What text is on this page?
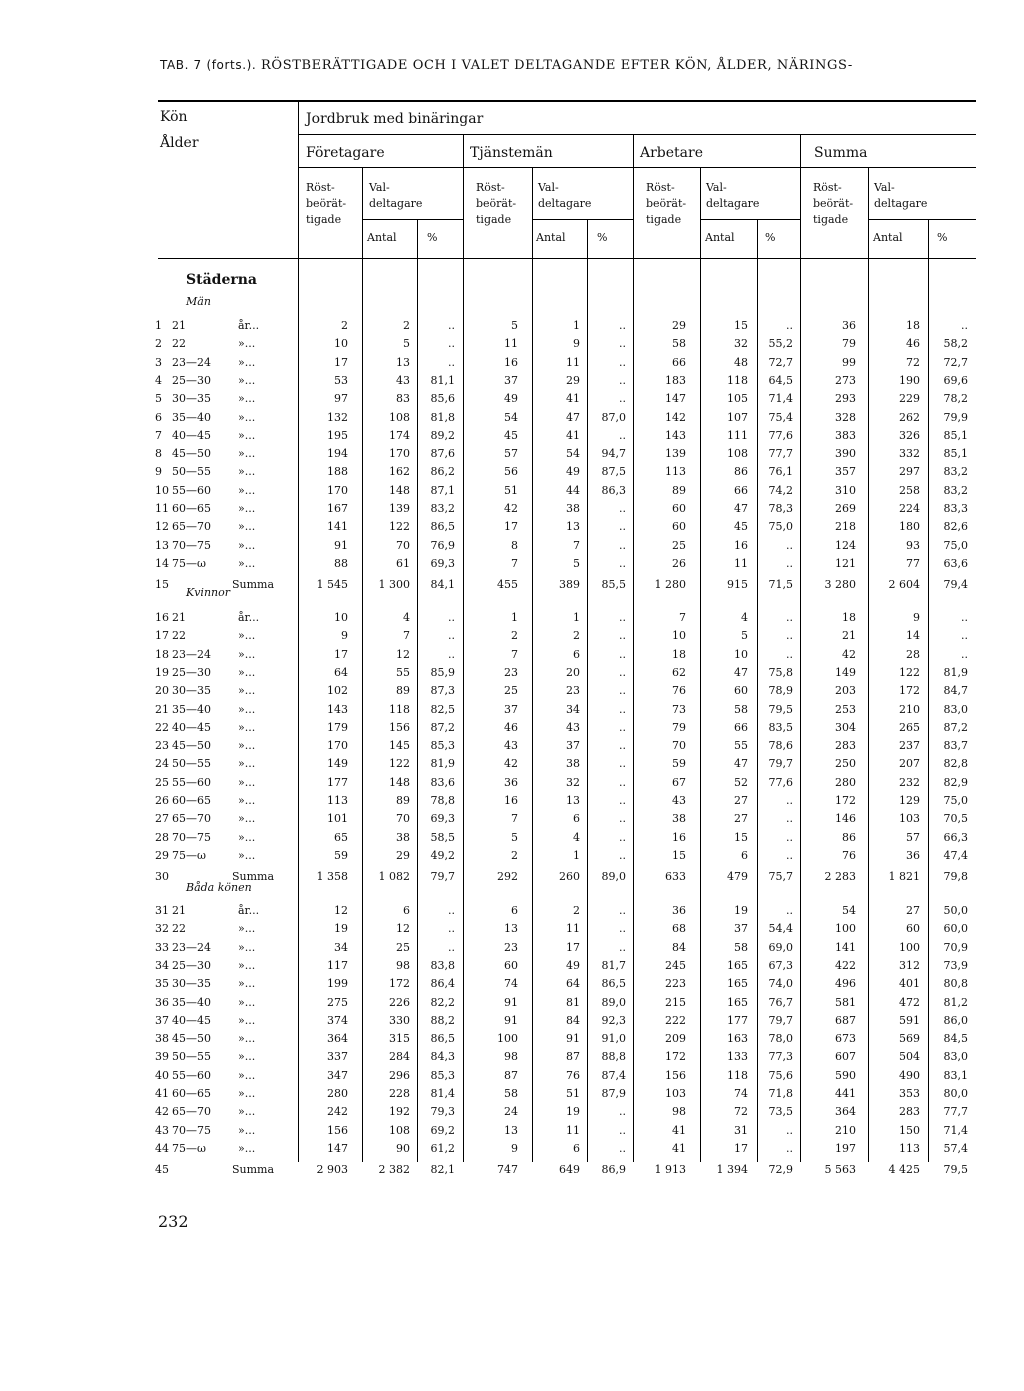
TAB. 7 (forts.). RÖSTBERÄTTIGADE OCH I VALET DELTAGANDE EFTER KÖN, ÅLDER, NÄRINGS-
Kön
Ålder
Jordbruk med binäringar
Företagare	Tjänstemän	Arbetare	Summa
Röst-
beörät-
tigade
Val-
deltagare
Antal	%
Röst-
beörät-
tigade
Val-
deltagare
Antal	%
Röst-
beörät-
tigade
Val-
deltagare
Antal	%
Röst-
beörät-
tigade
Val-
deltagare
Antal	%
Städerna
Män
1 21	år...	2	2	..	5	1	..	29	15	..	36	18	..
2 22	»...	10	5	..	11	9	..	58	32	55,2	79	46	58,2
3 23—24 »...	17	13	..	16	11	..	66	48	72,7	99	72	72,7
4 25—30 »...	53	43	81,1	37	29	..	183	118	64,5	273	190	69,6
5 30—35 »...	97	83	85,6	49	41	..	147	105	71,4	293	229	78,2
6 35—40 »...	132	108	81,8	54	47	87,0	142	107	75,4	328	262	79,9
7 40—45 »...	195	174	89,2	45	41	..	143	111	77,6	383	326	85,1
8 45—50 »...	194	170	87,6	57	54	94,7	139	108	77,7	390	332	85,1
9 50—55 »...	188	162	86,2	56	49	87,5	113	86	76,1	357	297	83,2
10 55—60 »...	170	148	87,1	51	44	86,3	89	66	74,2	310	258	83,2
11 60—65 »...	167	139	83,2	42	38	..	60	47	78,3	269	224	83,3
12 65—70 »...	141	122	86,5	17	13	..	60	45	75,0	218	180	82,6
13 70—75 »...	91	70	76,9	8	7	..	25	16	..	124	93	75,0
14 75—ω	»...	88	61	69,3	7	5	..	26	11	..	121	77	63,6
15	Summa	1 545	1 300	84,1	455	389	85,5	1 280	915	71,5	3 280	2 604	79,4
Kvinnor
16 21	år...	10	4	..	1	1	..	7	4	..	18	9	..
17 22	»...	9	7	..	2	2	..	10	5	..	21	14	..
18 23—24 »...	17	12	..	7	6	..	18	10	..	42	28	..
19 25—30 »...	64	55	85,9	23	20	..	62	47	75,8	149	122	81,9
20 30—35 »...	102	89	87,3	25	23	..	76	60	78,9	203	172	84,7
21 35—40 »...	143	118	82,5	37	34	..	73	58	79,5	253	210	83,0
22 40—45 »...	179	156	87,2	46	43	..	79	66	83,5	304	265	87,2
23 45—50 »...	170	145	85,3	43	37	..	70	55	78,6	283	237	83,7
24 50—55 »...	149	122	81,9	42	38	..	59	47	79,7	250	207	82,8
25 55—60 »...	177	148	83,6	36	32	..	67	52	77,6	280	232	82,9
26 60—65 »...	113	89	78,8	16	13	..	43	27	..	172	129	75,0
27 65—70 »...	101	70	69,3	7	6	..	38	27	..	146	103	70,5
28 70—75 »...	65	38	58,5	5	4	..	16	15	..	86	57	66,3
29 75—ω	»...	59	29	49,2	2	1	..	15	6	..	76	36	47,4
30	Summa	1 358	1 082	79,7	292	260	89,0	633	479	75,7	2 283	1 821	79,8
Båda könen
31 21	år...	12	6	..	6	2	..	36	19	..	54	27	50,0
32 22	»...	19	12	..	13	11	..	68	37	54,4	100	60	60,0
33 23—24 »...	34	25	..	23	17	..	84	58	69,0	141	100	70,9
34 25—30 »...	117	98	83,8	60	49	81,7	245	165	67,3	422	312	73,9
35 30—35 »...	199	172	86,4	74	64	86,5	223	165	74,0	496	401	80,8
36 35—40 »...	275	226	82,2	91	81	89,0	215	165	76,7	581	472	81,2
37 40—45 »...	374	330	88,2	91	84	92,3	222	177	79,7	687	591	86,0
38 45—50 »...	364	315	86,5	100	91	91,0	209	163	78,0	673	569	84,5
39 50—55 »...	337	284	84,3	98	87	88,8	172	133	77,3	607	504	83,0
40 55—60 »...	347	296	85,3	87	76	87,4	156	118	75,6	590	490	83,1
41 60—65 »...	280	228	81,4	58	51	87,9	103	74	71,8	441	353	80,0
42 65—70 »...	242	192	79,3	24	19	..	98	72	73,5	364	283	77,7
43 70—75 »...	156	108	69,2	13	11	..	41	31	..	210	150	71,4
44 75—ω	»...	147	90	61,2	9	6	..	41	17	..	197	113	57,4
45	Summa	2 903	2 382	82,1	747	649	86,9	1 913	1 394	72,9	5 563	4 425	79,5
232
